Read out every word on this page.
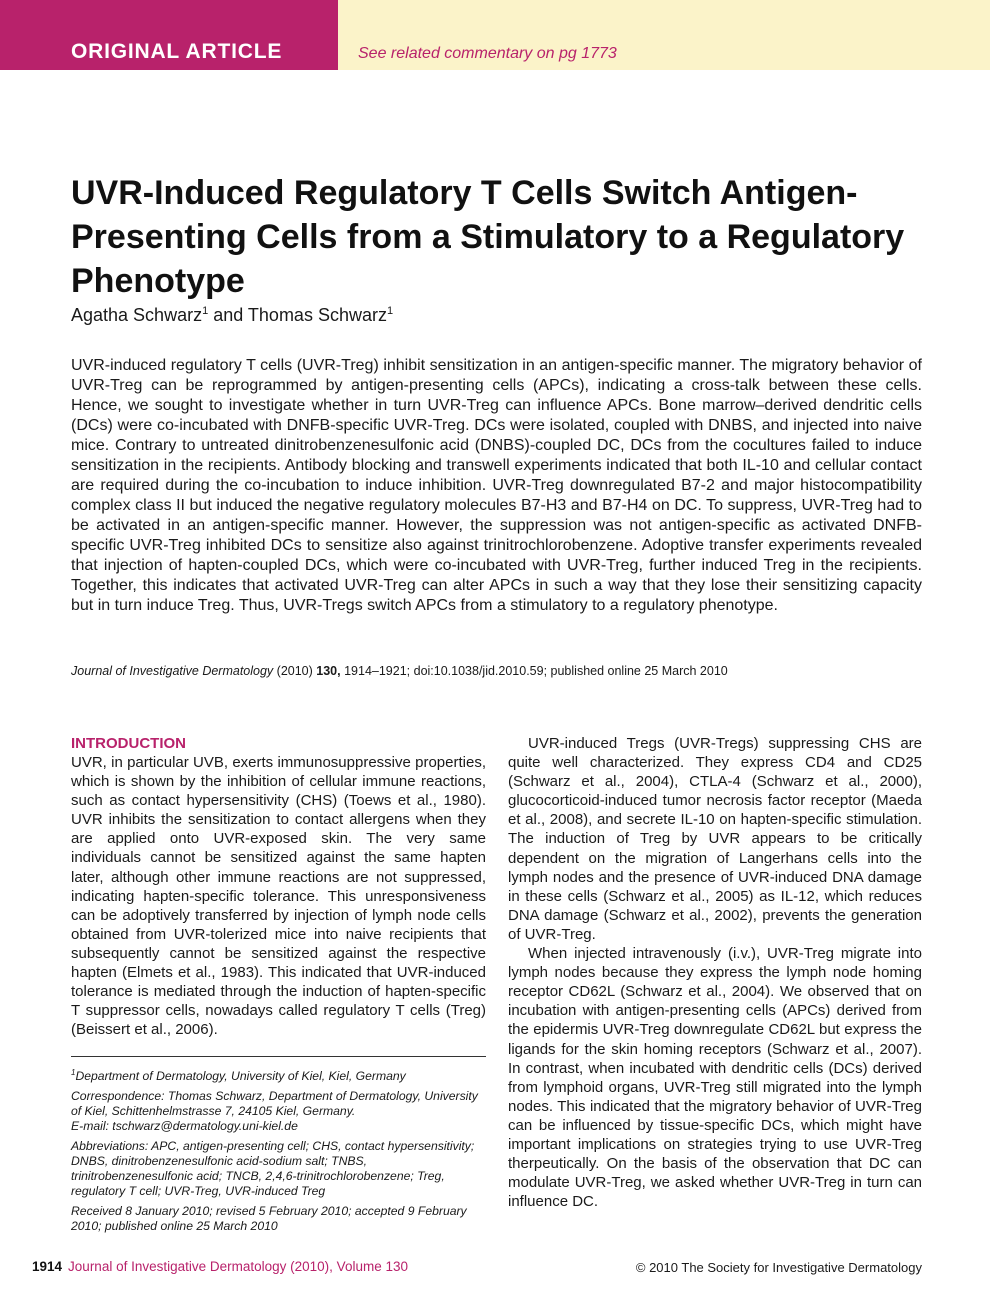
ORIGINAL ARTICLE	See related commentary on pg 1773
UVR-Induced Regulatory T Cells Switch Antigen-Presenting Cells from a Stimulatory to a Regulatory Phenotype
Agatha Schwarz$^1$ and Thomas Schwarz$^1$

UVR-induced regulatory T cells (UVR-Treg) inhibit sensitization in an antigen-specific manner. The migratory behavior of UVR-Treg can be reprogrammed by antigen-presenting cells (APCs), indicating a cross-talk between these cells. Hence, we sought to investigate whether in turn UVR-Treg can influence APCs. Bone marrow–derived dendritic cells (DCs) were co-incubated with DNFB-specific UVR-Treg. DCs were isolated, coupled with DNBS, and injected into naive mice. Contrary to untreated dinitrobenzenesulfonic acid (DNBS)-coupled DC, DCs from the cocultures failed to induce sensitization in the recipients. Antibody blocking and transwell experiments indicated that both IL-10 and cellular contact are required during the co-incubation to induce inhibition. UVR-Treg downregulated B7-2 and major histocompatibility complex class II but induced the negative regulatory molecules B7-H3 and B7-H4 on DC. To suppress, UVR-Treg had to be activated in an antigen-specific manner. However, the suppression was not antigen-specific as activated DNFB-specific UVR-Treg inhibited DCs to sensitize also against trinitrochlorobenzene. Adoptive transfer experiments revealed that injection of hapten-coupled DCs, which were co-incubated with UVR-Treg, further induced Treg in the recipients. Together, this indicates that activated UVR-Treg can alter APCs in such a way that they lose their sensitizing capacity but in turn induce Treg. Thus, UVR-Tregs switch APCs from a stimulatory to a regulatory phenotype.

Journal of Investigative Dermatology (2010) 130, 1914–1921; doi:10.1038/jid.2010.59; published online 25 March 2010
INTRODUCTION

UVR, in particular UVB, exerts immunosuppressive properties, which is shown by the inhibition of cellular immune reactions, such as contact hypersensitivity (CHS) (Toews et al., 1980). UVR inhibits the sensitization to contact allergens when they are applied onto UVR-exposed skin. The very same individuals cannot be sensitized against the same hapten later, although other immune reactions are not suppressed, indicating hapten-specific tolerance. This unresponsiveness can be adoptively transferred by injection of lymph node cells obtained from UVR-tolerized mice into naive recipients that subsequently cannot be sensitized against the respective hapten (Elmets et al., 1983). This indicated that UVR-induced tolerance is mediated through the induction of hapten-specific T suppressor cells, nowadays called regulatory T cells (Treg) (Beissert et al., 2006).

$^1$Department of Dermatology, University of Kiel, Kiel, Germany

Correspondence: Thomas Schwarz, Department of Dermatology, University of Kiel, Schittenhelmstrasse 7, 24105 Kiel, Germany.

E-mail: tschwarz@dermatology.uni-kiel.de

Abbreviations: APC, antigen-presenting cell; CHS, contact hypersensitivity; DNBS, dinitrobenzenesulfonic acid-sodium salt; TNBS, trinitrobenzenesulfonic acid; TNCB, 2,4,6-trinitrochlorobenzene; Treg, regulatory T cell; UVR-Treg, UVR-induced Treg

Received 8 January 2010; revised 5 February 2010; accepted 9 February 2010; published online 25 March 2010

UVR-induced Tregs (UVR-Tregs) suppressing CHS are quite well characterized. They express CD4 and CD25 (Schwarz et al., 2004), CTLA-4 (Schwarz et al., 2000), glucocorticoid-induced tumor necrosis factor receptor (Maeda et al., 2008), and secrete IL-10 on hapten-specific stimulation. The induction of Treg by UVR appears to be critically dependent on the migration of Langerhans cells into the lymph nodes and the presence of UVR-induced DNA damage in these cells (Schwarz et al., 2005) as IL-12, which reduces DNA damage (Schwarz et al., 2002), prevents the generation of UVR-Treg.

When injected intravenously (i.v.), UVR-Treg migrate into lymph nodes because they express the lymph node homing receptor CD62L (Schwarz et al., 2004). We observed that on incubation with antigen-presenting cells (APCs) derived from the epidermis UVR-Treg downregulate CD62L but express the ligands for the skin homing receptors (Schwarz et al., 2007). In contrast, when incubated with dendritic cells (DCs) derived from lymphoid organs, UVR-Treg still migrated into the lymph nodes. This indicated that the migratory behavior of UVR-Treg can be influenced by tissue-specific DCs, which might have important implications on strategies trying to use UVR-Treg therpeutically. On the basis of the observation that DC can modulate UVR-Treg, we asked whether UVR-Treg in turn can influence DC.

1914 Journal of Investigative Dermatology (2010), Volume 130	© 2010 The Society for Investigative Dermatology
